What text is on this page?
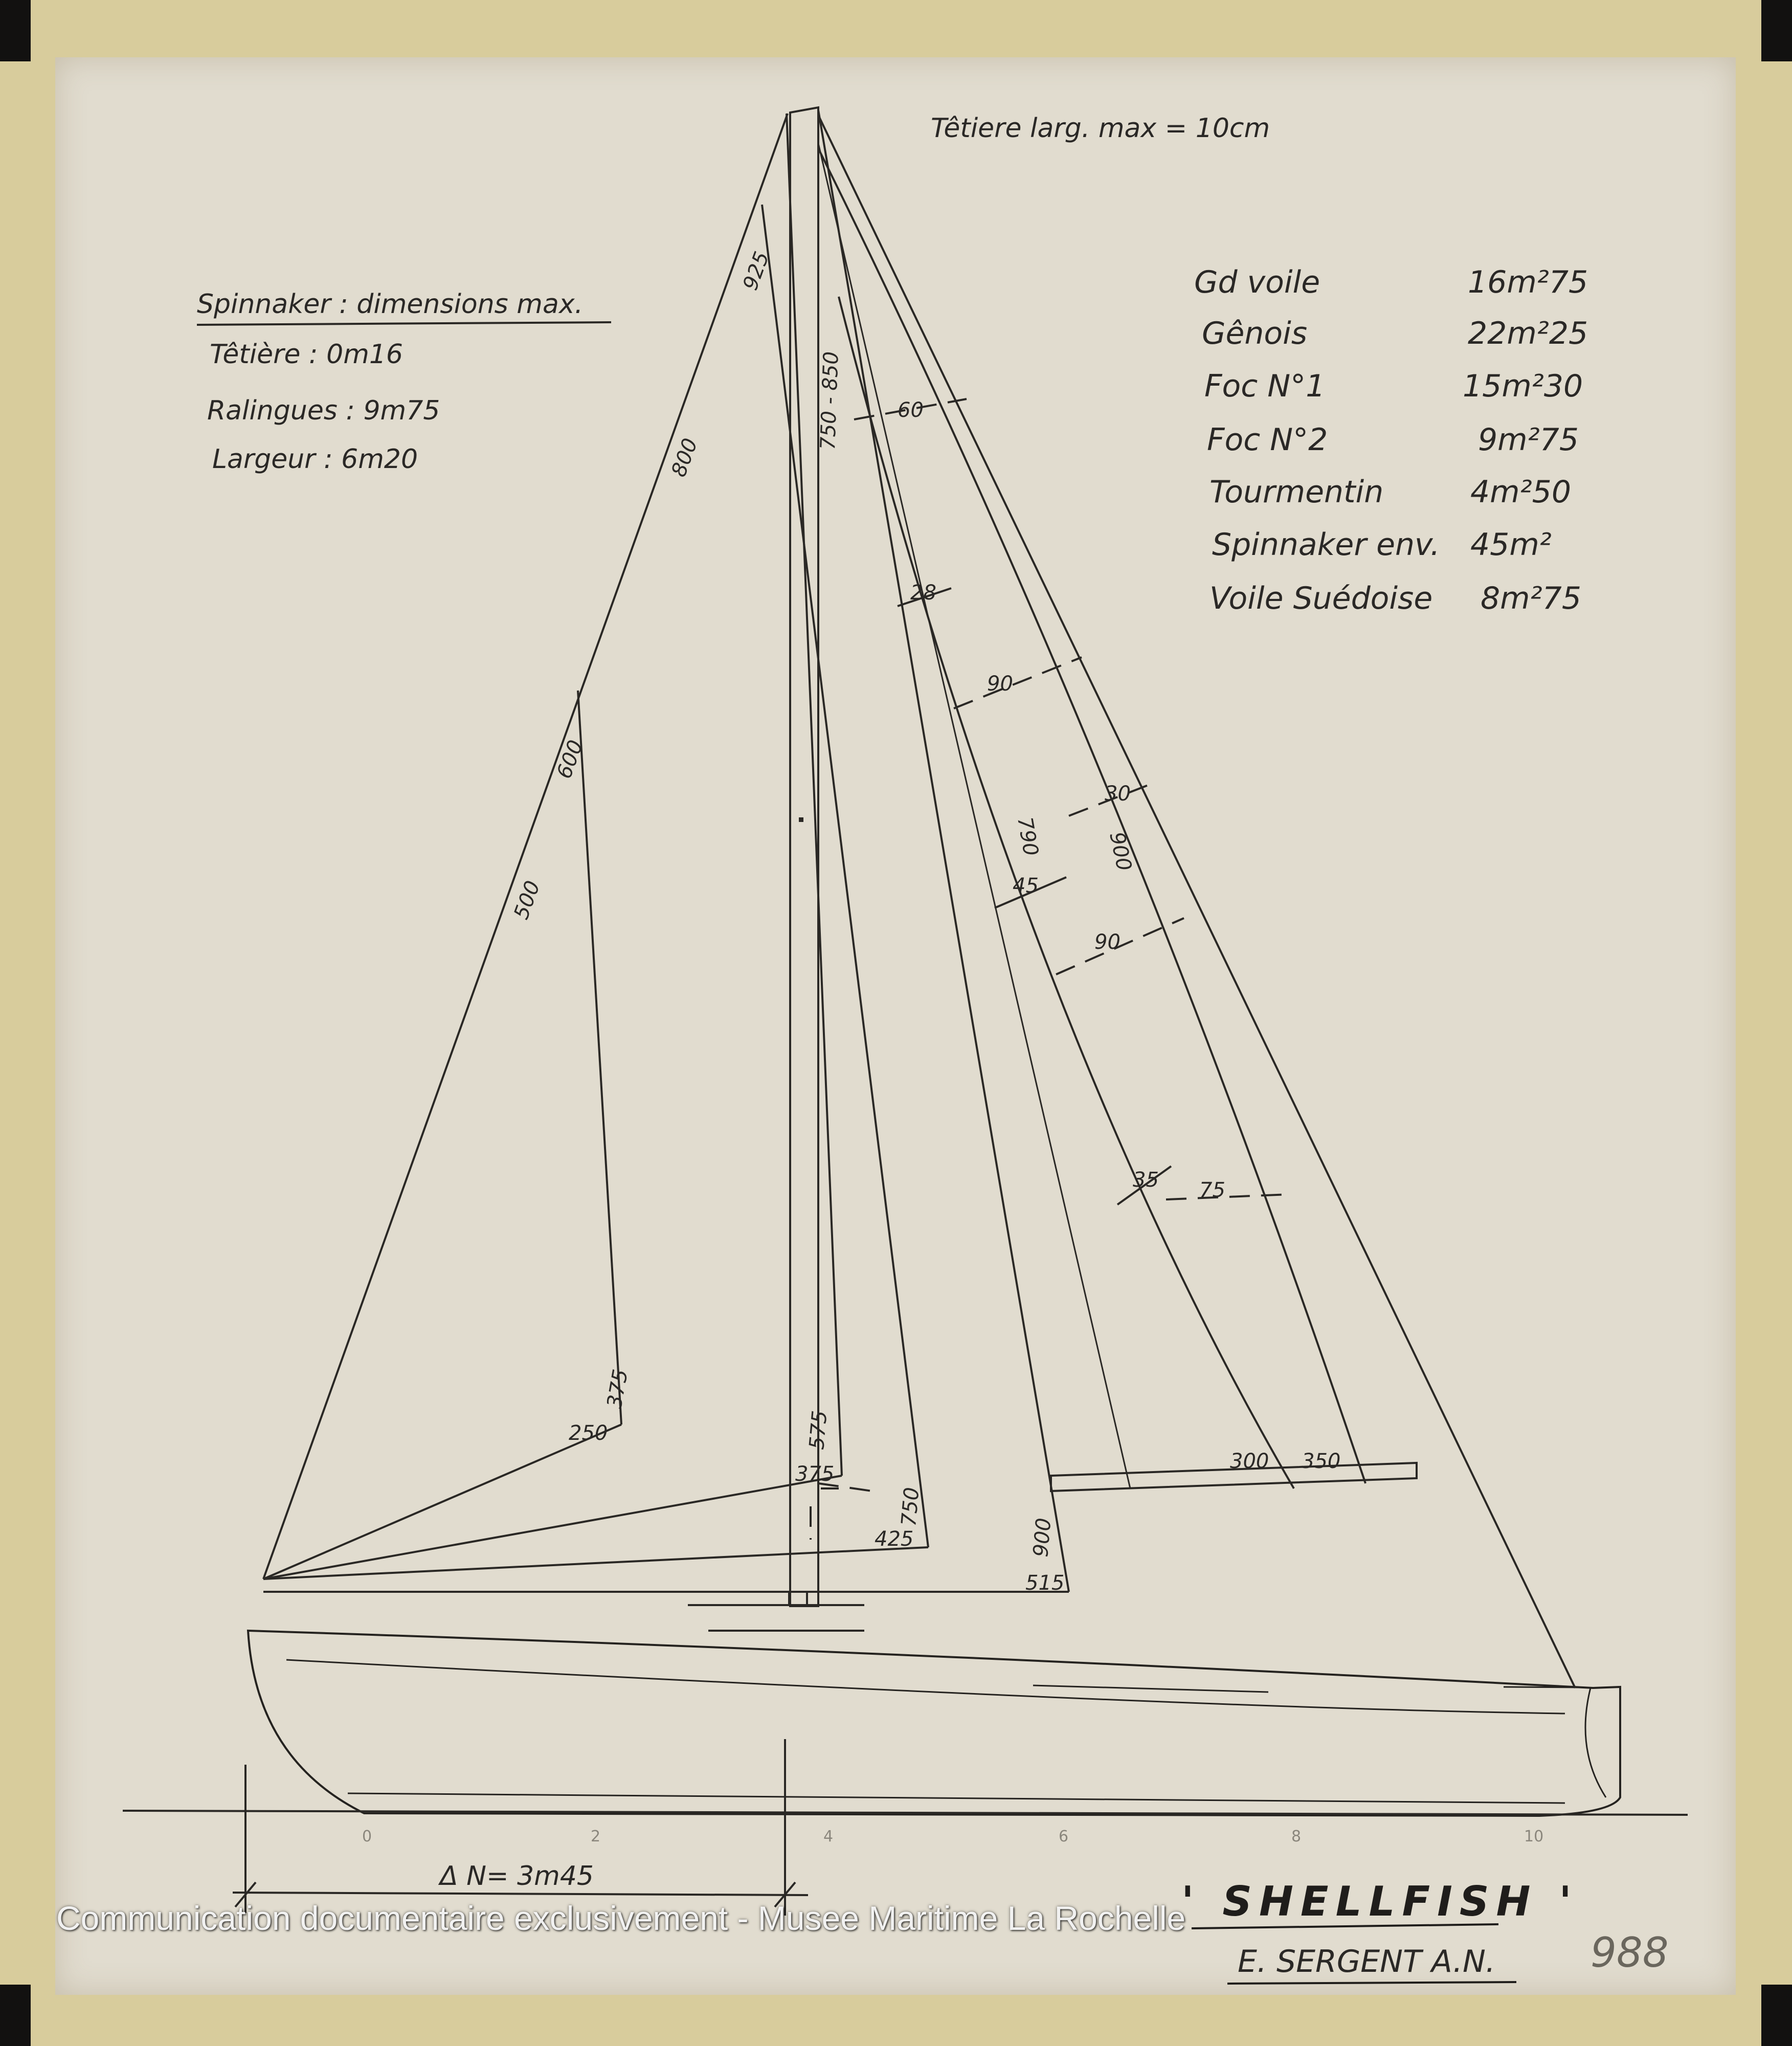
925
800
600
500
375
250	575
375
425
750
900
515
750 - 850	60
28
90
790
30
900
45
90
35 75
300 350
Δ N= 3m45
0	2	4	6	8	10
Têtiere larg. max = 10cm
Spinnaker : dimensions max.
Têtière : 0m16
Ralingues : 9m75
Largeur : 6m20
Gd voile	16m²75
Gênois	22m²25
Foc N°1	15m²30
Foc N°2	9m²75
Tourmentin	4m²50
Spinnaker env. 45m²
Voile Suédoise 8m²75
' SHELLFISH '
E. SERGENT A.N. 988
Communication documentaire exclusivement - Musee Maritime La Rochelle
